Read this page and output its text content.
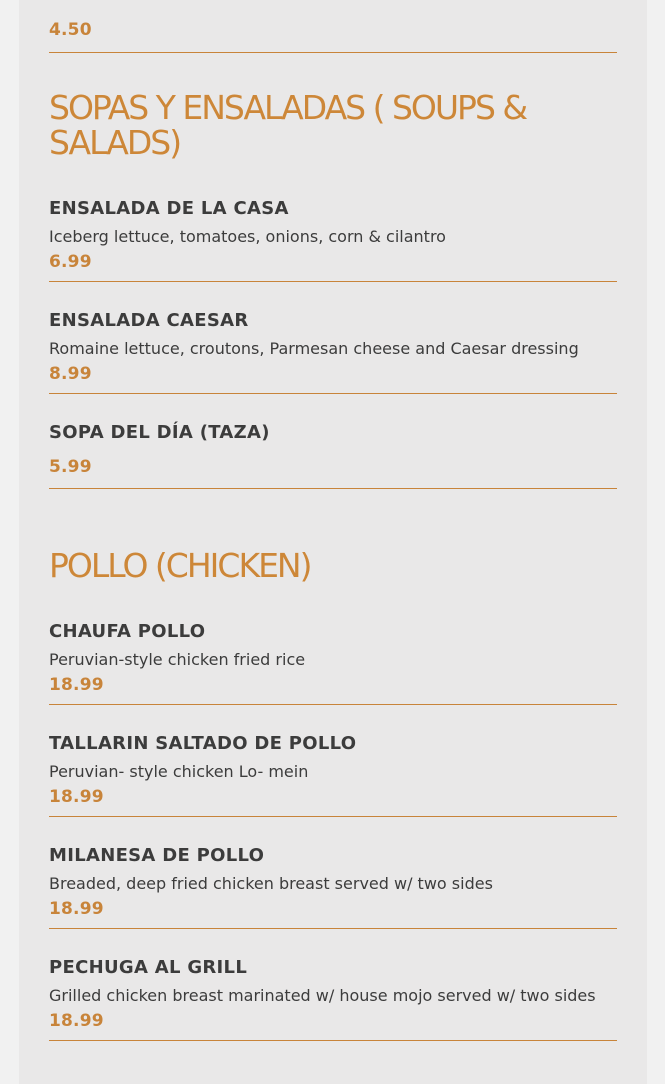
4.50
SOPAS Y ENSALADAS ( SOUPS & SALADS)
ENSALADA DE LA CASA
Iceberg lettuce, tomatoes, onions, corn & cilantro
6.99
ENSALADA CAESAR
Romaine lettuce, croutons, Parmesan cheese and Caesar dressing
8.99
SOPA DEL DÍA (TAZA)
5.99
POLLO (CHICKEN)
CHAUFA POLLO
Peruvian-style chicken fried rice
18.99
TALLARIN SALTADO DE POLLO
Peruvian- style chicken Lo- mein
18.99
MILANESA DE POLLO
Breaded, deep fried chicken breast served w/ two sides
18.99
PECHUGA AL GRILL
Grilled chicken breast marinated w/ house mojo served w/ two sides
18.99
